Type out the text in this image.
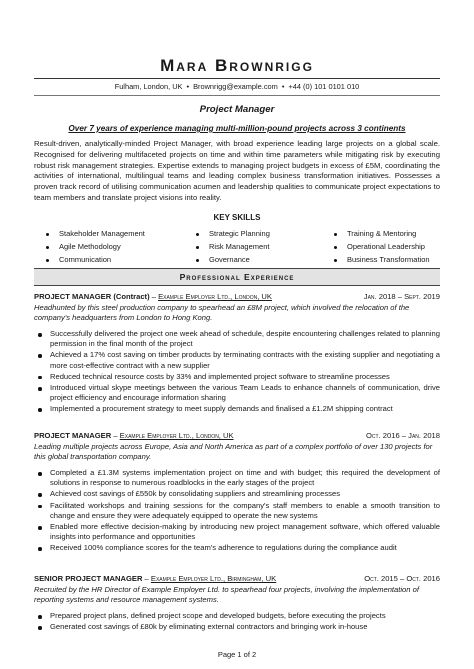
Mara Brownrigg
Fulham, London, UK • Brownrigg@example.com • +44 (0) 101 0101 010
Project Manager
Over 7 years of experience managing multi-million-pound projects across 3 continents
Result-driven, analytically-minded Project Manager, with broad experience leading large projects on a global scale. Recognised for delivering multifaceted projects on time and within time parameters while mitigating risk by executing robust risk management strategies. Expertise extends to managing project budgets in excess of £5M, coordinating the activities of international, multilingual teams and leading complex business transformation initiatives. Possesses a proven track record of utilising communication acumen and leadership qualities to communicate project expectations to team members and translate project visions into reality.
KEY SKILLS
Stakeholder Management	Strategic Planning	Training & Mentoring
Agile Methodology	Risk Management	Operational Leadership
Communication	Governance	Business Transformation
Professional Experience
PROJECT MANAGER (Contract) – Example Employer Ltd., London, UK	Jan. 2018 – Sept. 2019
Headhunted by this steel production company to spearhead an £8M project, which involved the relocation of the company's headquarters from London to Hong Kong.
Successfully delivered the project one week ahead of schedule, despite encountering challenges related to planning permission in the final month of the project
Achieved a 17% cost saving on timber products by terminating contracts with the existing supplier and negotiating a more cost-effective contract with a new supplier
Reduced technical resource costs by 33% and implemented project software to streamline processes
Introduced virtual skype meetings between the various Team Leads to enhance channels of communication, drive project efficiency and encourage information sharing
Implemented a procurement strategy to meet supply demands and finalised a £1.2M shipping contract
PROJECT MANAGER – Example Employer Ltd., London, UK	Oct. 2016 – Jan. 2018
Leading multiple projects across Europe, Asia and North America as part of a complex portfolio of over 130 projects for this global transportation company.
Completed a £1.3M systems implementation project on time and with budget; this required the development of solutions in response to numerous roadblocks in the early stages of the project
Achieved cost savings of £550k by consolidating suppliers and streamlining processes
Facilitated workshops and training sessions for the company's staff members to enable a smooth transition to change and ensure they were adequately equipped to operate the new systems
Enabled more effective decision-making by introducing new project management software, which offered valuable insights into performance and opportunities
Received 100% compliance scores for the team's adherence to regulations during the compliance audit
SENIOR PROJECT MANAGER – Example Employer Ltd., Birmingham, UK	Oct. 2015 – Oct. 2016
Recruited by the HR Director of Example Employer Ltd. to spearhead four projects, involving the implementation of reporting systems and resource management systems.
Prepared project plans, defined project scope and developed budgets, before executing the projects
Generated cost savings of £80k by eliminating external contractors and bringing work in-house
Page 1 of 2
